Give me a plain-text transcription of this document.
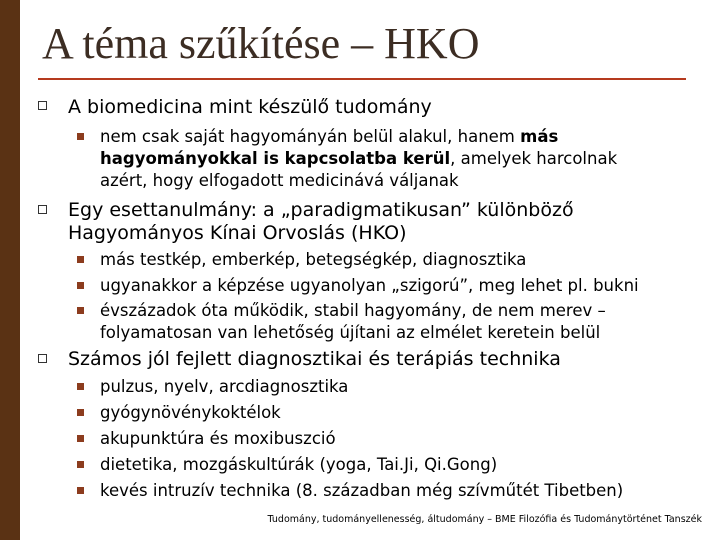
A téma szűkítése – HKO
A biomedicina mint készülő tudomány
nem csak saját hagyományán belül alakul, hanem más
hagyományokkal is kapcsolatba kerül, amelyek harcolnak
azért, hogy elfogadott medicinává váljanak
Egy esettanulmány: a „paradigmatikusan” különböző
Hagyományos Kínai Orvoslás (HKO)
más testkép, emberkép, betegségkép, diagnosztika
ugyanakkor a képzése ugyanolyan „szigorú”, meg lehet pl. bukni
évszázadok óta működik, stabil hagyomány, de nem merev –
folyamatosan van lehetőség újítani az elmélet keretein belül
Számos jól fejlett diagnosztikai és terápiás technika
pulzus, nyelv, arcdiagnosztika
gyógynövénykoktélok
akupunktúra és moxibuszció
dietetika, mozgáskultúrák (yoga, Tai.Ji, Qi.Gong)
kevés intruzív technika (8. században még szívműtét Tibetben)
Tudomány, tudományellenesség, áltudomány – BME Filozófia és Tudománytörténet Tanszék
